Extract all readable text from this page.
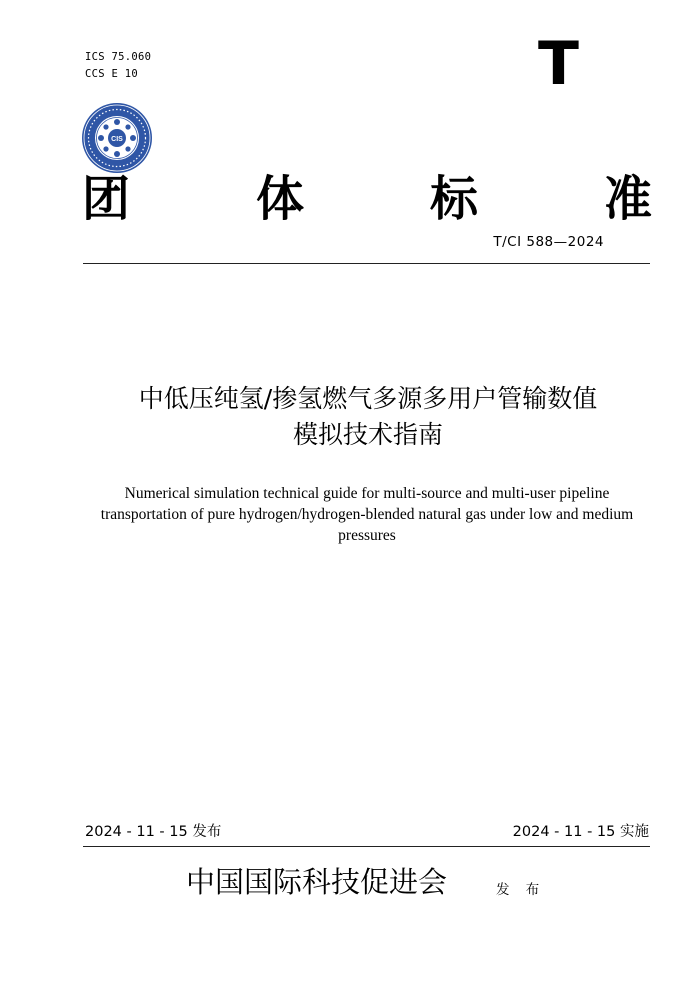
ICS 75.060
CCS E 10	T
CIS
团	体	标	准
T/CI 588—2024
中低压纯氢/掺氢燃气多源多用户管输数值
模拟技术指南
Numerical simulation technical guide for multi-source and multi-user pipeline
transportation of pure hydrogen/hydrogen-blended natural gas under low and medium
pressures
2024 - 11 - 15 发布	2024 - 11 - 15 实施
中国国际科技促进会	发 布
